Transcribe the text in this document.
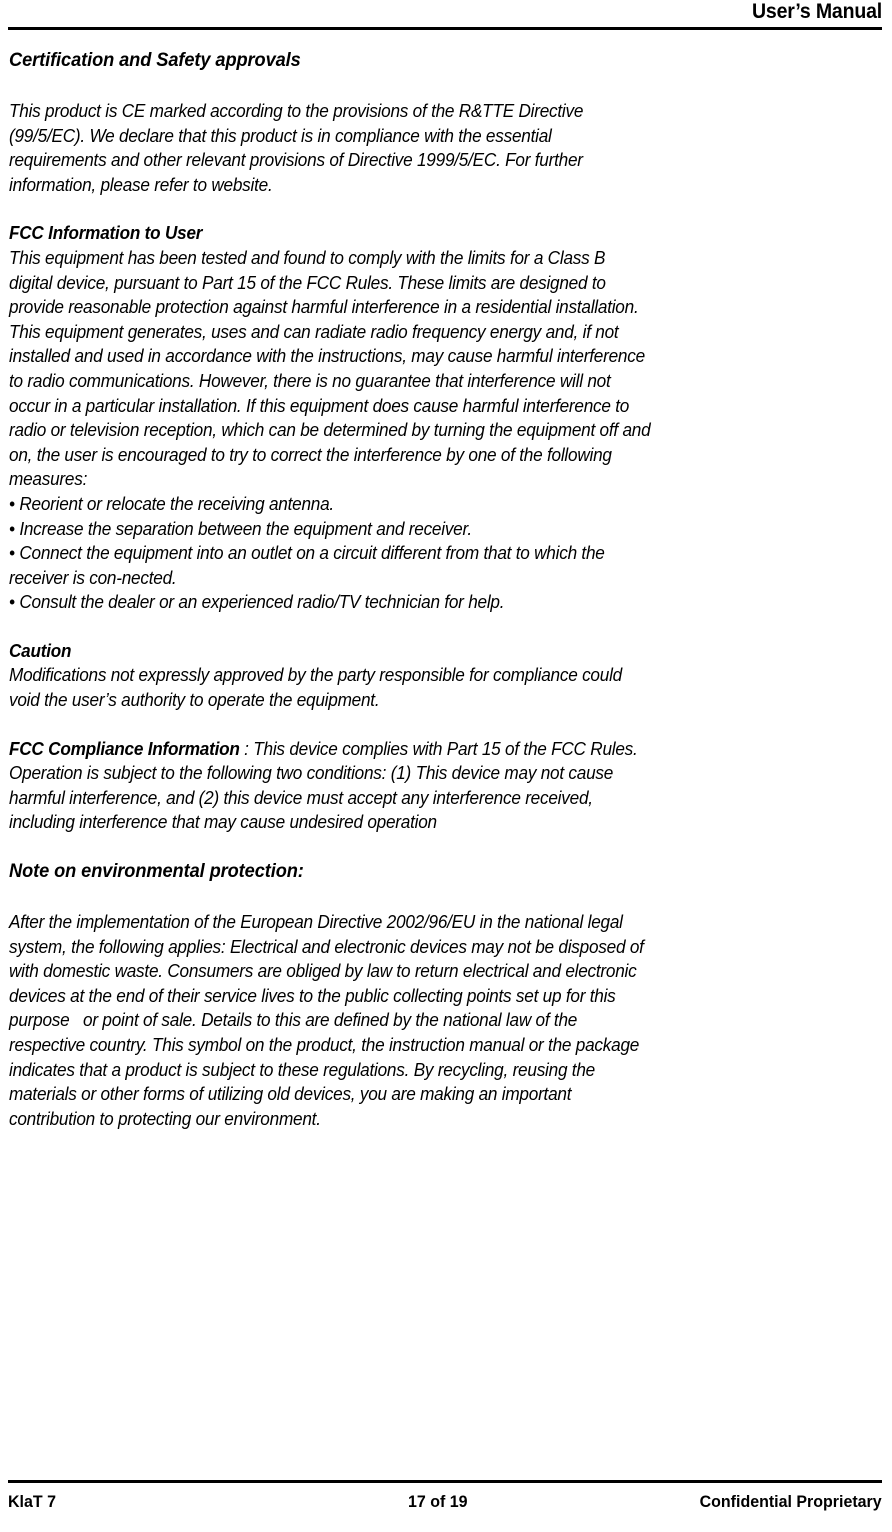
User’s Manual
Certification and Safety approvals
This product is CE marked according to the provisions of the R&TTE Directive
(99/5/EC). We declare that this product is in compliance with the essential
requirements and other relevant provisions of Directive 1999/5/EC. For further
information, please refer to website.
FCC Information to User
This equipment has been tested and found to comply with the limits for a Class B
digital device, pursuant to Part 15 of the FCC Rules. These limits are designed to
provide reasonable protection against harmful interference in a residential installation.
This equipment generates, uses and can radiate radio frequency energy and, if not
installed and used in accordance with the instructions, may cause harmful interference
to radio communications. However, there is no guarantee that interference will not
occur in a particular installation. If this equipment does cause harmful interference to
radio or television reception, which can be determined by turning the equipment off and
on, the user is encouraged to try to correct the interference by one of the following
measures:
• Reorient or relocate the receiving antenna.
• Increase the separation between the equipment and receiver.
• Connect the equipment into an outlet on a circuit different from that to which the
receiver is con-nected.
• Consult the dealer or an experienced radio/TV technician for help.
Caution
Modifications not expressly approved by the party responsible for compliance could
void the user’s authority to operate the equipment.
FCC Compliance Information : This device complies with Part 15 of the FCC Rules.
Operation is subject to the following two conditions: (1) This device may not cause
harmful interference, and (2) this device must accept any interference received,
including interference that may cause undesired operation
Note on environmental protection:
After the implementation of the European Directive 2002/96/EU in the national legal
system, the following applies: Electrical and electronic devices may not be disposed of
with domestic waste. Consumers are obliged by law to return electrical and electronic
devices at the end of their service lives to the public collecting points set up for this
purpose   or point of sale. Details to this are defined by the national law of the
respective country. This symbol on the product, the instruction manual or the package
indicates that a product is subject to these regulations. By recycling, reusing the
materials or other forms of utilizing old devices, you are making an important
contribution to protecting our environment.
KlaT 7	17 of 19	Confidential Proprietary
